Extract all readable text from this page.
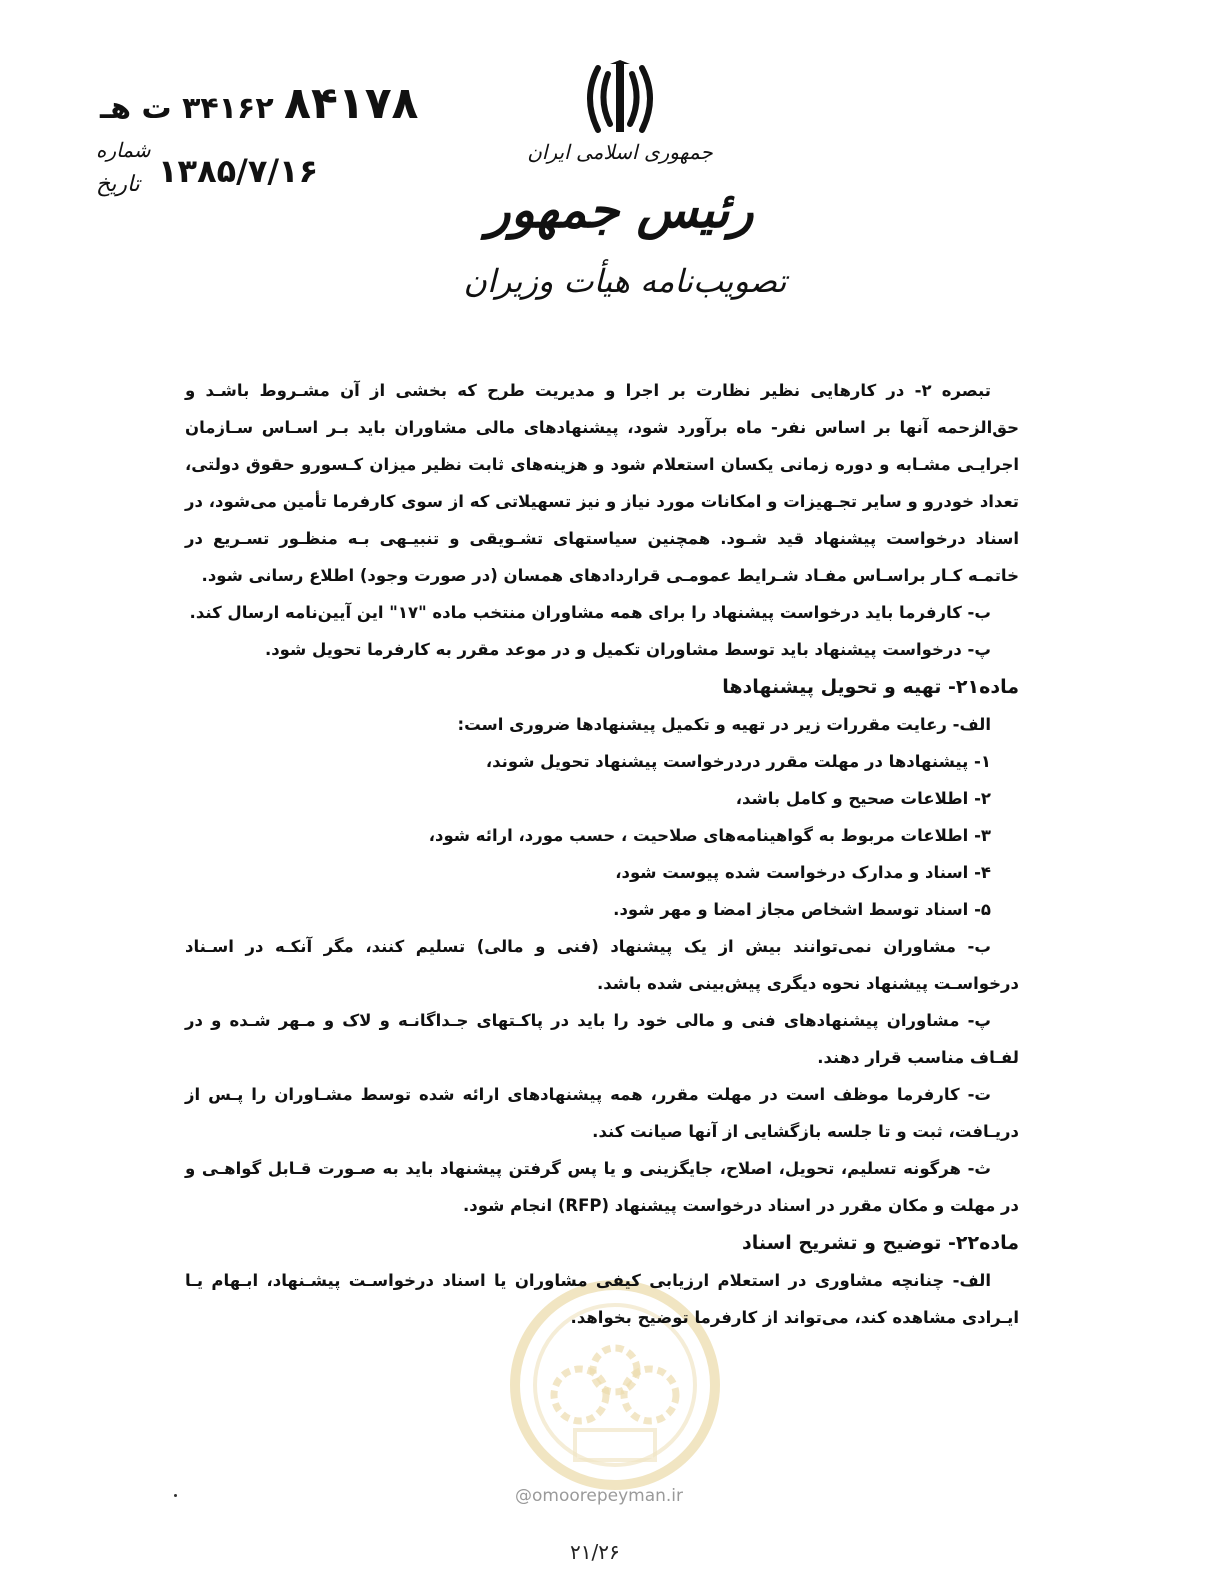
۸۴۱۷۸ ۳۴۱۶۲ ت هـ
شماره
تاریخ ۱۳۸۵/۷/۱۶	جمهوری اسلامی ایران
رئیس جمهور
تصویب‌نامه هیأت وزیران

تبصره ۲- در کارهایی نظیر نظارت بر اجرا و مدیریت طرح که بخشی از آن مشـروط باشـد و حق‌الزحمه آنها بر اساس نفر- ماه برآورد شود، پیشنهادهای مالی مشاوران باید بـر اسـاس سـازمان اجرایـی مشـابه و دوره زمانی یکسان استعلام شود و هزینه‌های ثابت نظیر میزان کـسورو حقوق دولتی، تعداد خودرو و سایر تجـهیزات و امکانات مورد نیاز و نیز تسهیلاتی که از سوی کارفرما تأمین می‌شود، در اسناد درخواست پیشنهاد قید شـود. همچنین سیاستهای تشـویقی و تنبیـهی بـه منظـور تسـریع در خاتمـه کـار براسـاس مفـاد شـرایط عمومـی قراردادهای همسان (در صورت وجود) اطلاع رسانی شود.

ب- کارفرما باید درخواست پیشنهاد را برای همه مشاوران منتخب ماده "۱۷" این آیین‌نامه ارسال کند.

پ- درخواست پیشنهاد باید توسط مشاوران تکمیل و در موعد مقرر به کارفرما تحویل شود.

ماده۲۱- تهیه و تحویل پیشنهادها

الف- رعایت مقررات زیر در تهیه و تکمیل پیشنهادها ضروری است:

۱- پیشنهادها در مهلت مقرر دردرخواست پیشنهاد تحویل شوند،

۲- اطلاعات صحیح و کامل باشد،

۳- اطلاعات مربوط به گواهینامه‌های صلاحیت ، حسب مورد، ارائه شود،

۴- اسناد و مدارک درخواست شده پیوست شود،

۵- اسناد توسط اشخاص مجاز امضا و مهر شود.

ب- مشاوران نمی‌توانند بیش از یک پیشنهاد (فنی و مالی) تسلیم کنند، مگر آنکـه در اسـناد درخواسـت پیشنهاد نحوه دیگری پیش‌بینی شده باشد.

پ- مشاوران پیشنهادهای فنی و مالی خود را باید در پاکـتهای جـداگانـه و لاک و مـهر شـده و در لفـاف مناسب قرار دهند.

ت- کارفرما موظف است در مهلت مقرر، همه پیشنهادهای ارائه شده توسط مشـاوران را پـس از دریـافت، ثبت و تا جلسه بازگشایی از آنها صیانت کند.

ث- هرگونه تسلیم، تحویل، اصلاح، جایگزینی و یا پس گرفتن پیشنهاد باید به صـورت قـابل گواهـی و در مهلت و مکان مقرر در اسناد درخواست پیشنهاد (RFP) انجام شود.

ماده۲۲- توضیح و تشریح اسناد

الف- چنانچه مشاوری در استعلام ارزیابی کیفی مشاوران یا اسناد درخواسـت پیشـنهاد، ابـهام یـا ایـرادی مشاهده کند، می‌تواند از کارفرما توضیح بخواهد.

@omoorepeyman.ir
۲۱/۲۶
